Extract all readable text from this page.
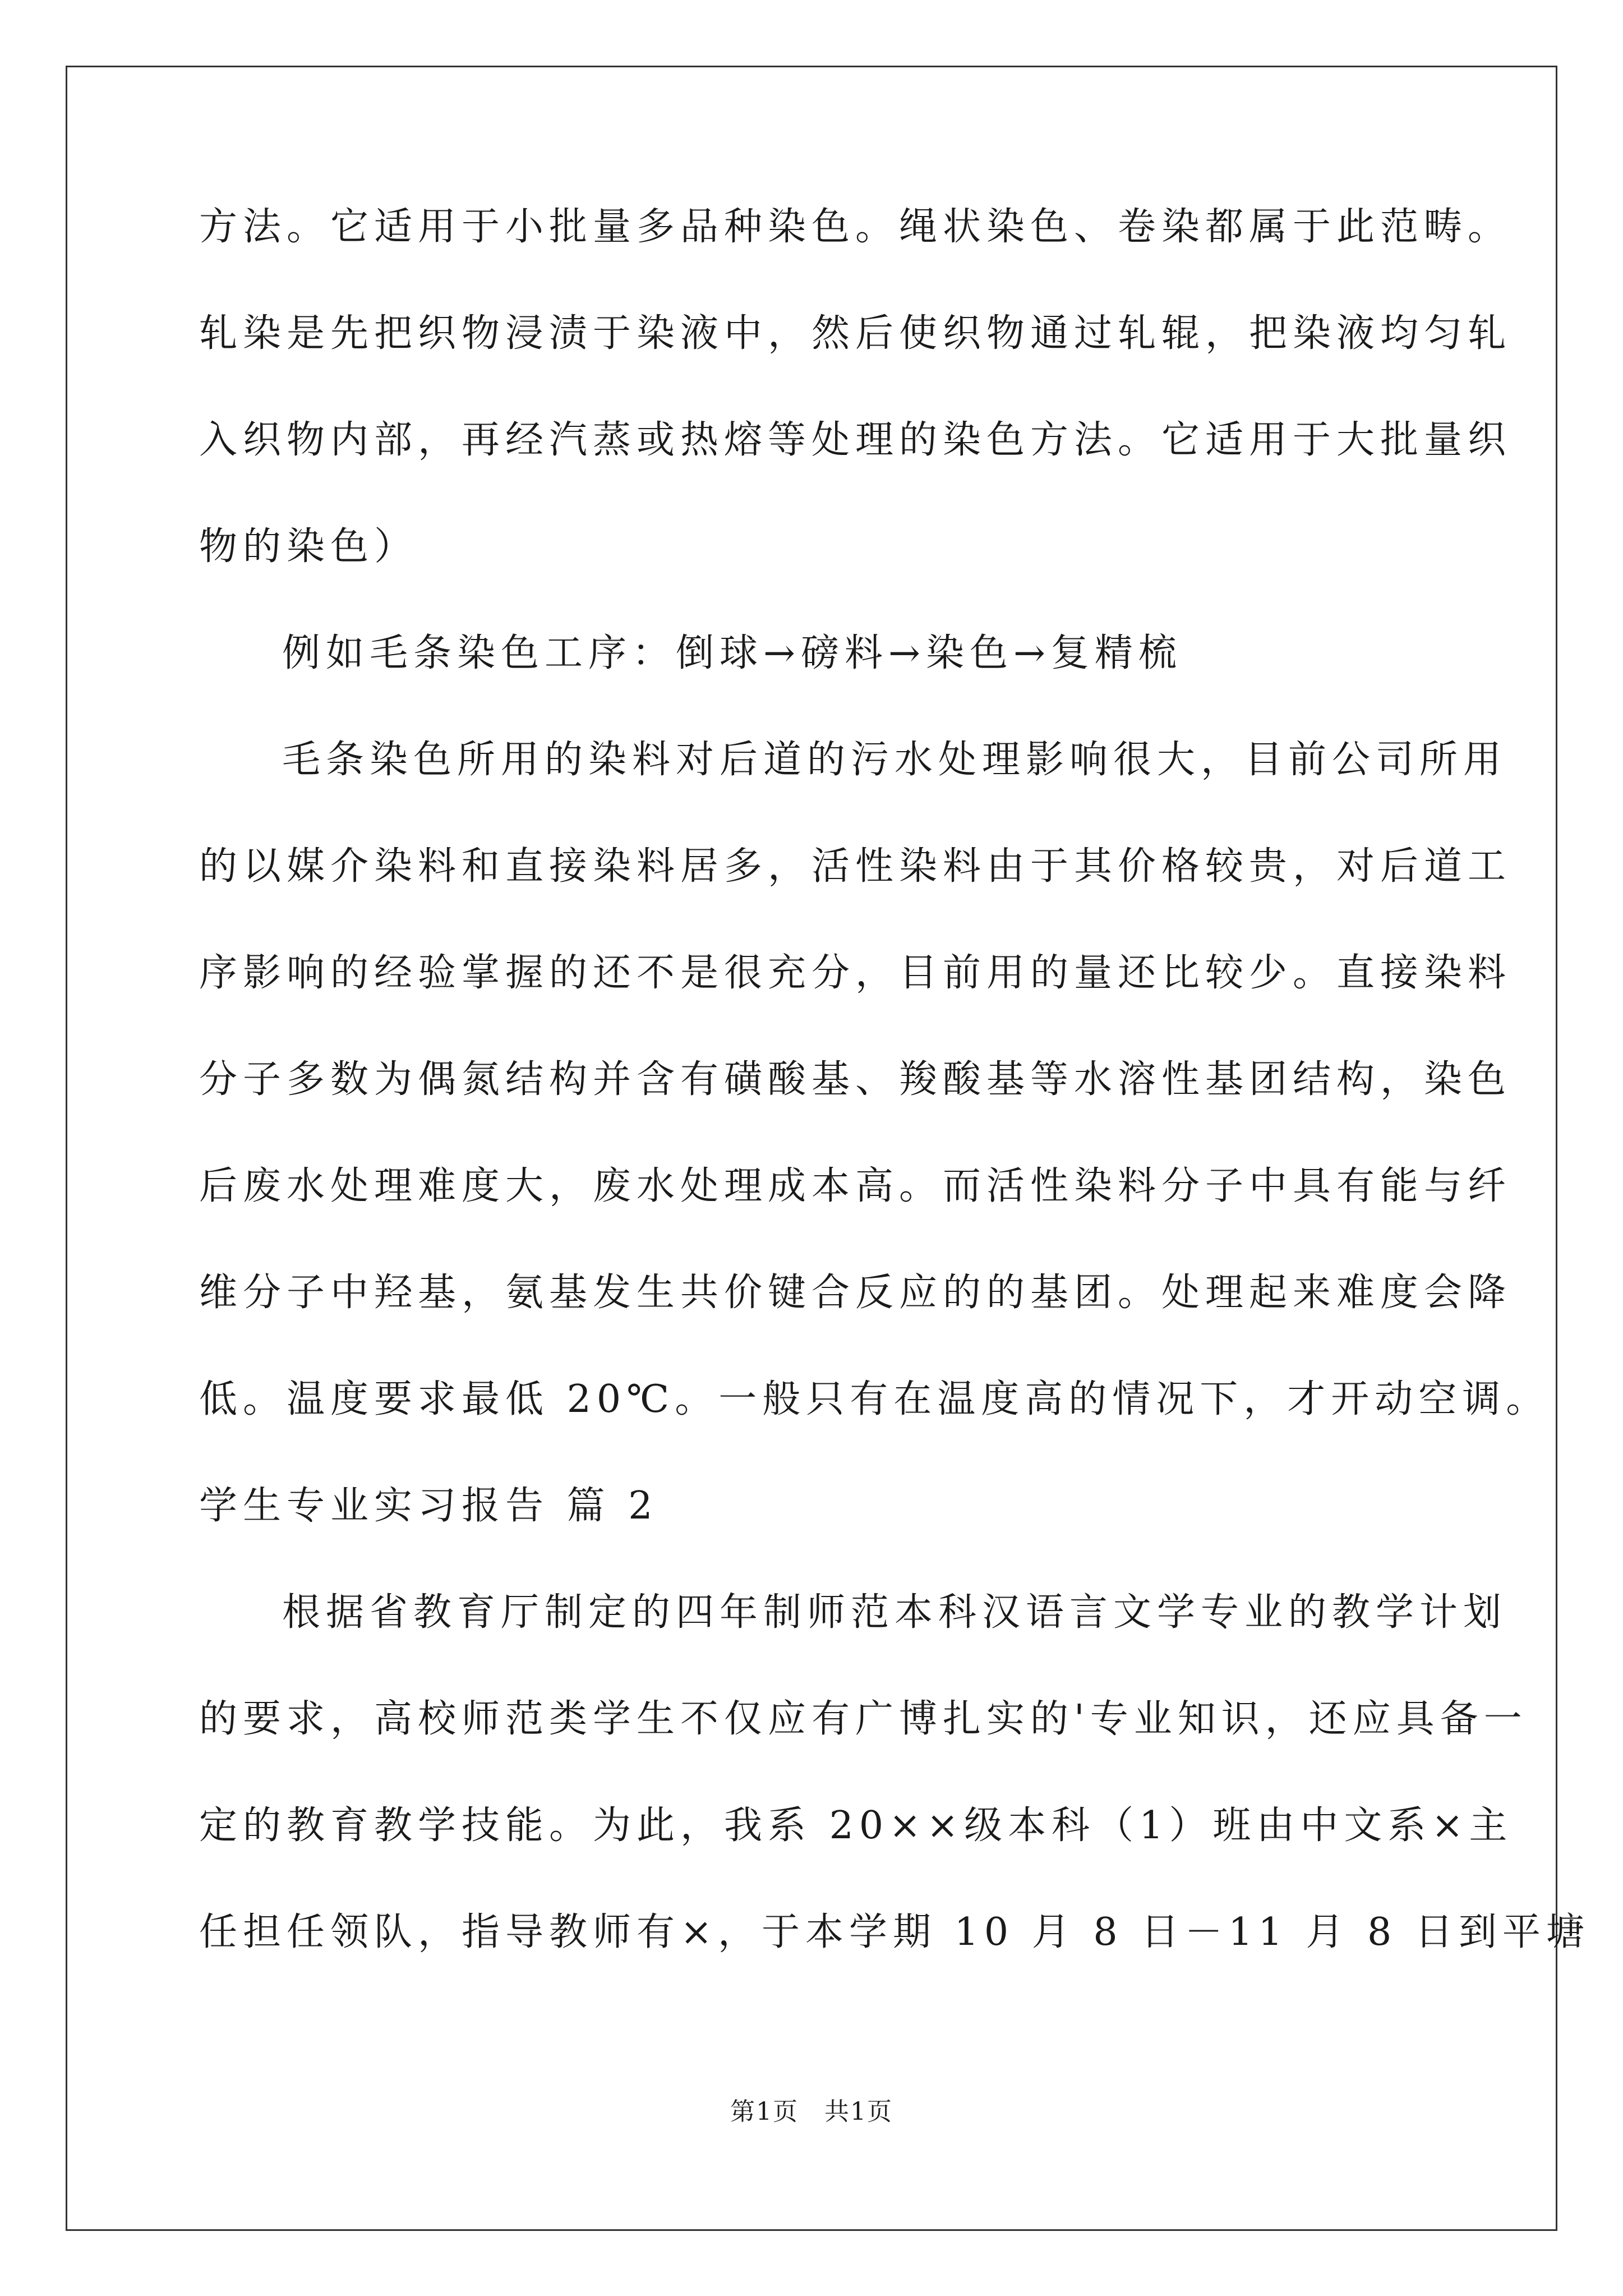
方法。它适用于小批量多品种染色。绳状染色、卷染都属于此范畴。
轧染是先把织物浸渍于染液中，然后使织物通过轧辊，把染液均匀轧
入织物内部，再经汽蒸或热熔等处理的染色方法。它适用于大批量织
物的染色）
例如毛条染色工序：倒球→磅料→染色→复精梳
毛条染色所用的染料对后道的污水处理影响很大，目前公司所用
的以媒介染料和直接染料居多，活性染料由于其价格较贵，对后道工
序影响的经验掌握的还不是很充分，目前用的量还比较少。直接染料
分子多数为偶氮结构并含有磺酸基、羧酸基等水溶性基团结构，染色
后废水处理难度大，废水处理成本高。而活性染料分子中具有能与纤
维分子中羟基，氨基发生共价键合反应的的基团。处理起来难度会降
低。温度要求最低 20℃。一般只有在温度高的情况下，才开动空调。
学生专业实习报告 篇 2
根据省教育厅制定的四年制师范本科汉语言文学专业的教学计划
的要求，高校师范类学生不仅应有广博扎实的'专业知识，还应具备一
定的教育教学技能。为此，我系 20××级本科（1）班由中文系×主
任担任领队，指导教师有×，于本学期 10 月 8 日－11 月 8 日到平塘
第1页　共1页
